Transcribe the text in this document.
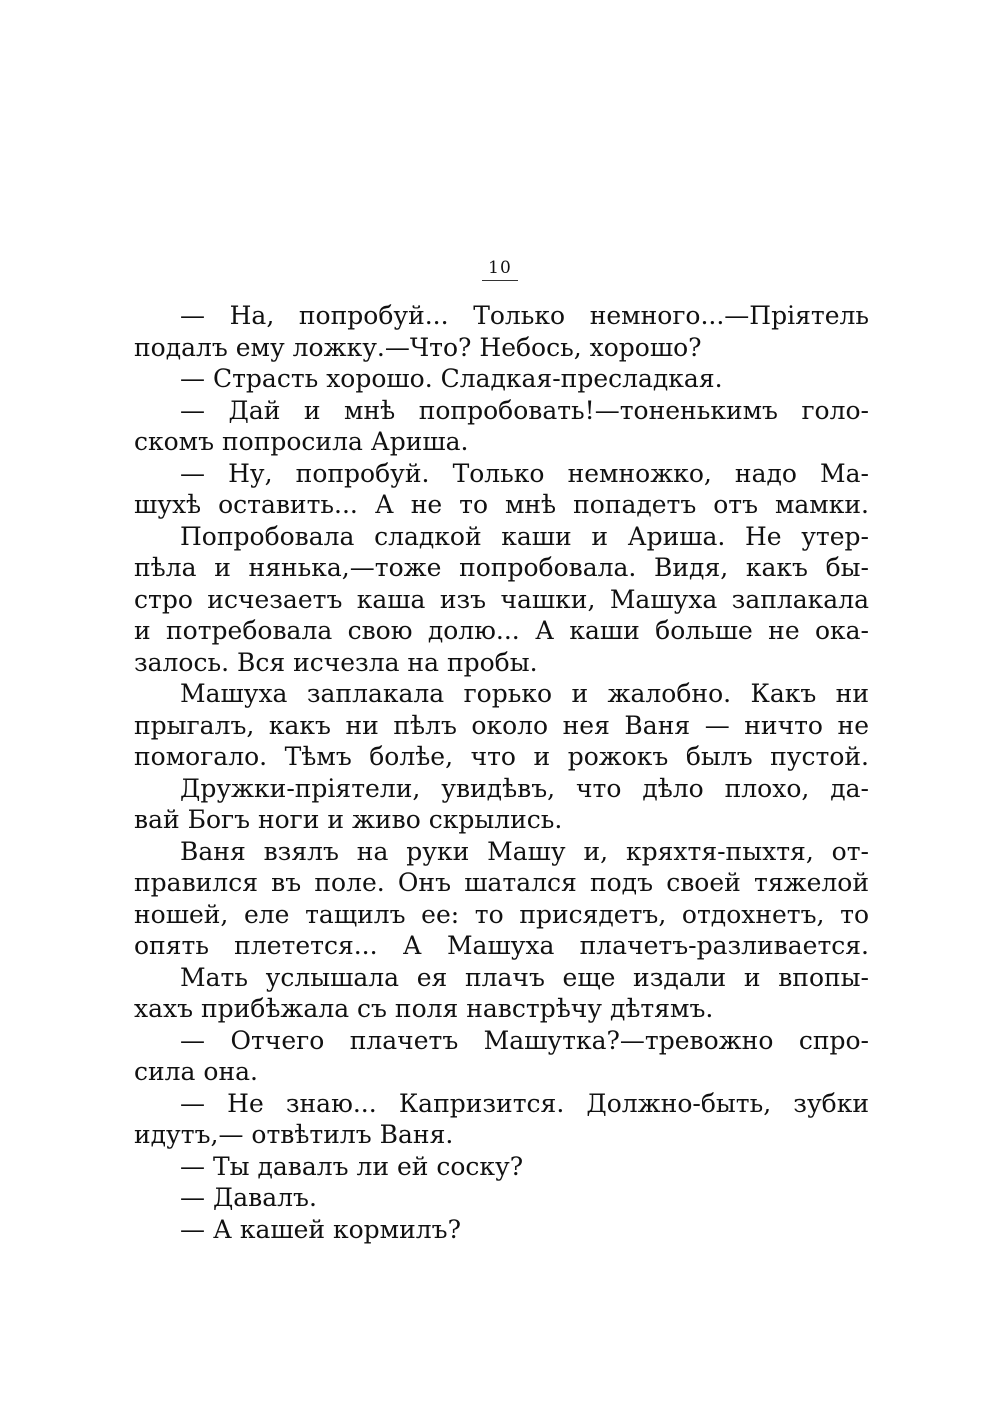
10
— На, попробуй... Только немного...—Пріятель
подалъ ему ложку.—Что? Небось, хорошо?
— Страсть хорошо. Сладкая-пресладкая.
— Дай и мнѣ попробовать!—тоненькимъ голо-
скомъ попросила Ариша.
— Ну, попробуй. Только немножко, надо Ма-
шухѣ оставить... А не то мнѣ попадетъ отъ мамки.
Попробовала сладкой каши и Ариша. Не утер-
пѣла и нянька,—тоже попробовала. Видя, какъ бы-
стро исчезаетъ каша изъ чашки, Машуха заплакала
и потребовала свою долю... А каши больше не ока-
залось. Вся исчезла на пробы.
Машуха заплакала горько и жалобно. Какъ ни
прыгалъ, какъ ни пѣлъ около нея Ваня — ничто не
помогало. Тѣмъ болѣе, что и рожокъ былъ пустой.
Дружки-пріятели, увидѣвъ, что дѣло плохо, да-
вай Богъ ноги и живо скрылись.
Ваня взялъ на руки Машу и, кряхтя-пыхтя, от-
правился въ поле. Онъ шатался подъ своей тяжелой
ношей, еле тащилъ ее: то присядетъ, отдохнетъ, то
опять плетется... А Машуха плачетъ-разливается.
Мать услышала ея плачъ еще издали и впопы-
хахъ прибѣжала съ поля навстрѣчу дѣтямъ.
— Отчего плачетъ Машутка?—тревожно спро-
сила она.
— Не знаю... Капризится. Должно-быть, зубки
идутъ,— отвѣтилъ Ваня.
— Ты давалъ ли ей соску?
— Давалъ.
— А кашей кормилъ?
